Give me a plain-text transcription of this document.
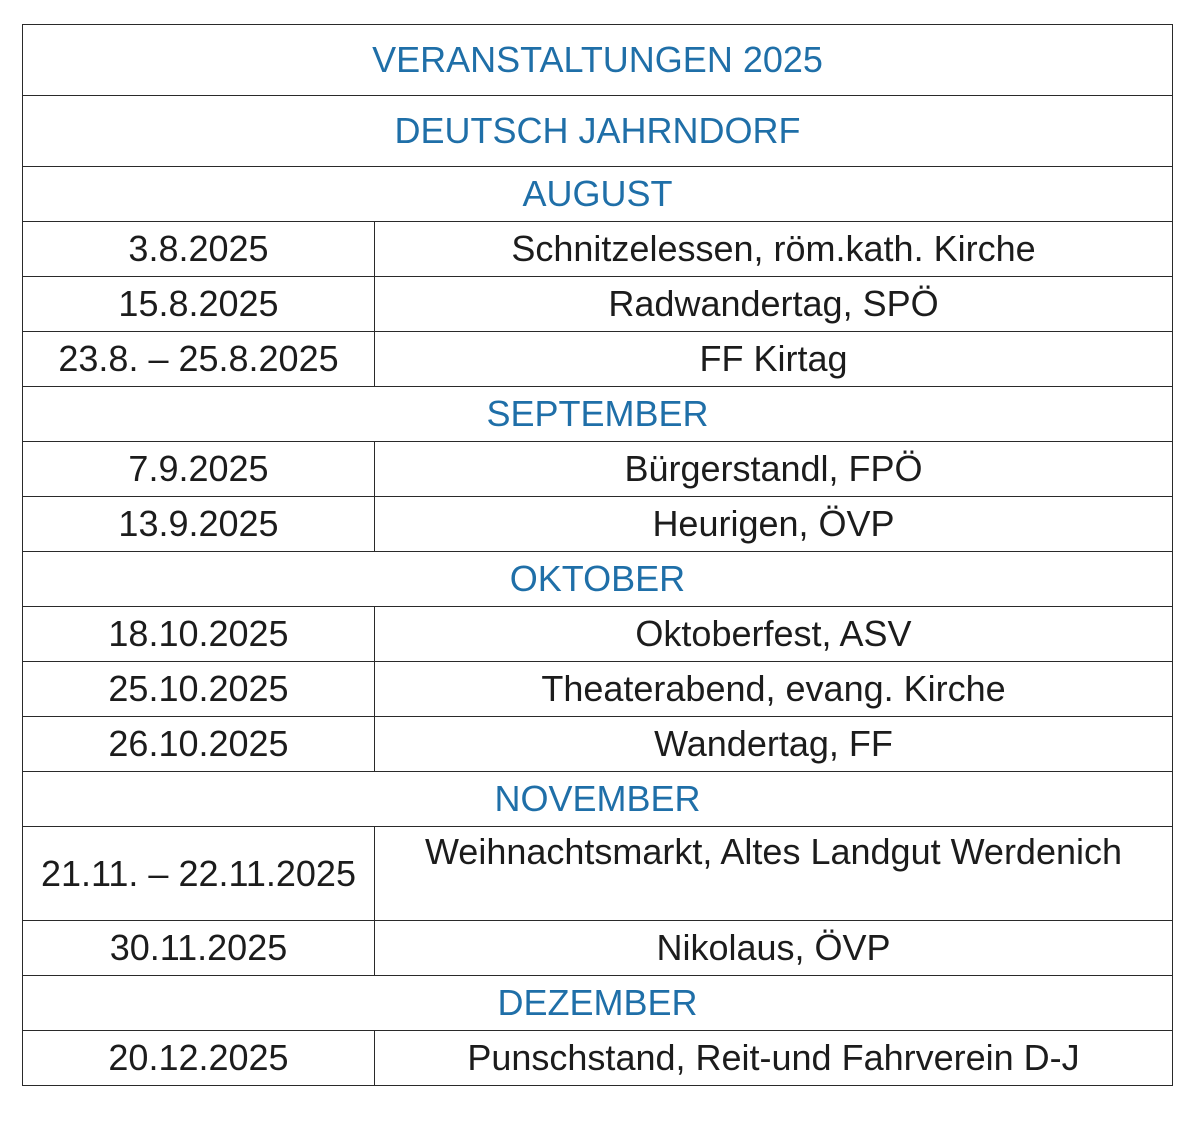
VERANSTALTUNGEN 2025	
DEUTSCH JAHRNDORF	
AUGUST	
3.8.2025	Schnitzelessen, röm.kath. Kirche
15.8.2025	Radwandertag, SPÖ
23.8. – 25.8.2025	FF Kirtag
SEPTEMBER	
7.9.2025	Bürgerstandl, FPÖ
13.9.2025	Heurigen, ÖVP
OKTOBER	
18.10.2025	Oktoberfest, ASV
25.10.2025	Theaterabend, evang. Kirche
26.10.2025	Wandertag, FF
NOVEMBER	
21.11. – 22.11.2025	Weihnachtsmarkt, Altes Landgut Werdenich
30.11.2025	Nikolaus, ÖVP
DEZEMBER	
20.12.2025	Punschstand, Reit-und Fahrverein D-J
